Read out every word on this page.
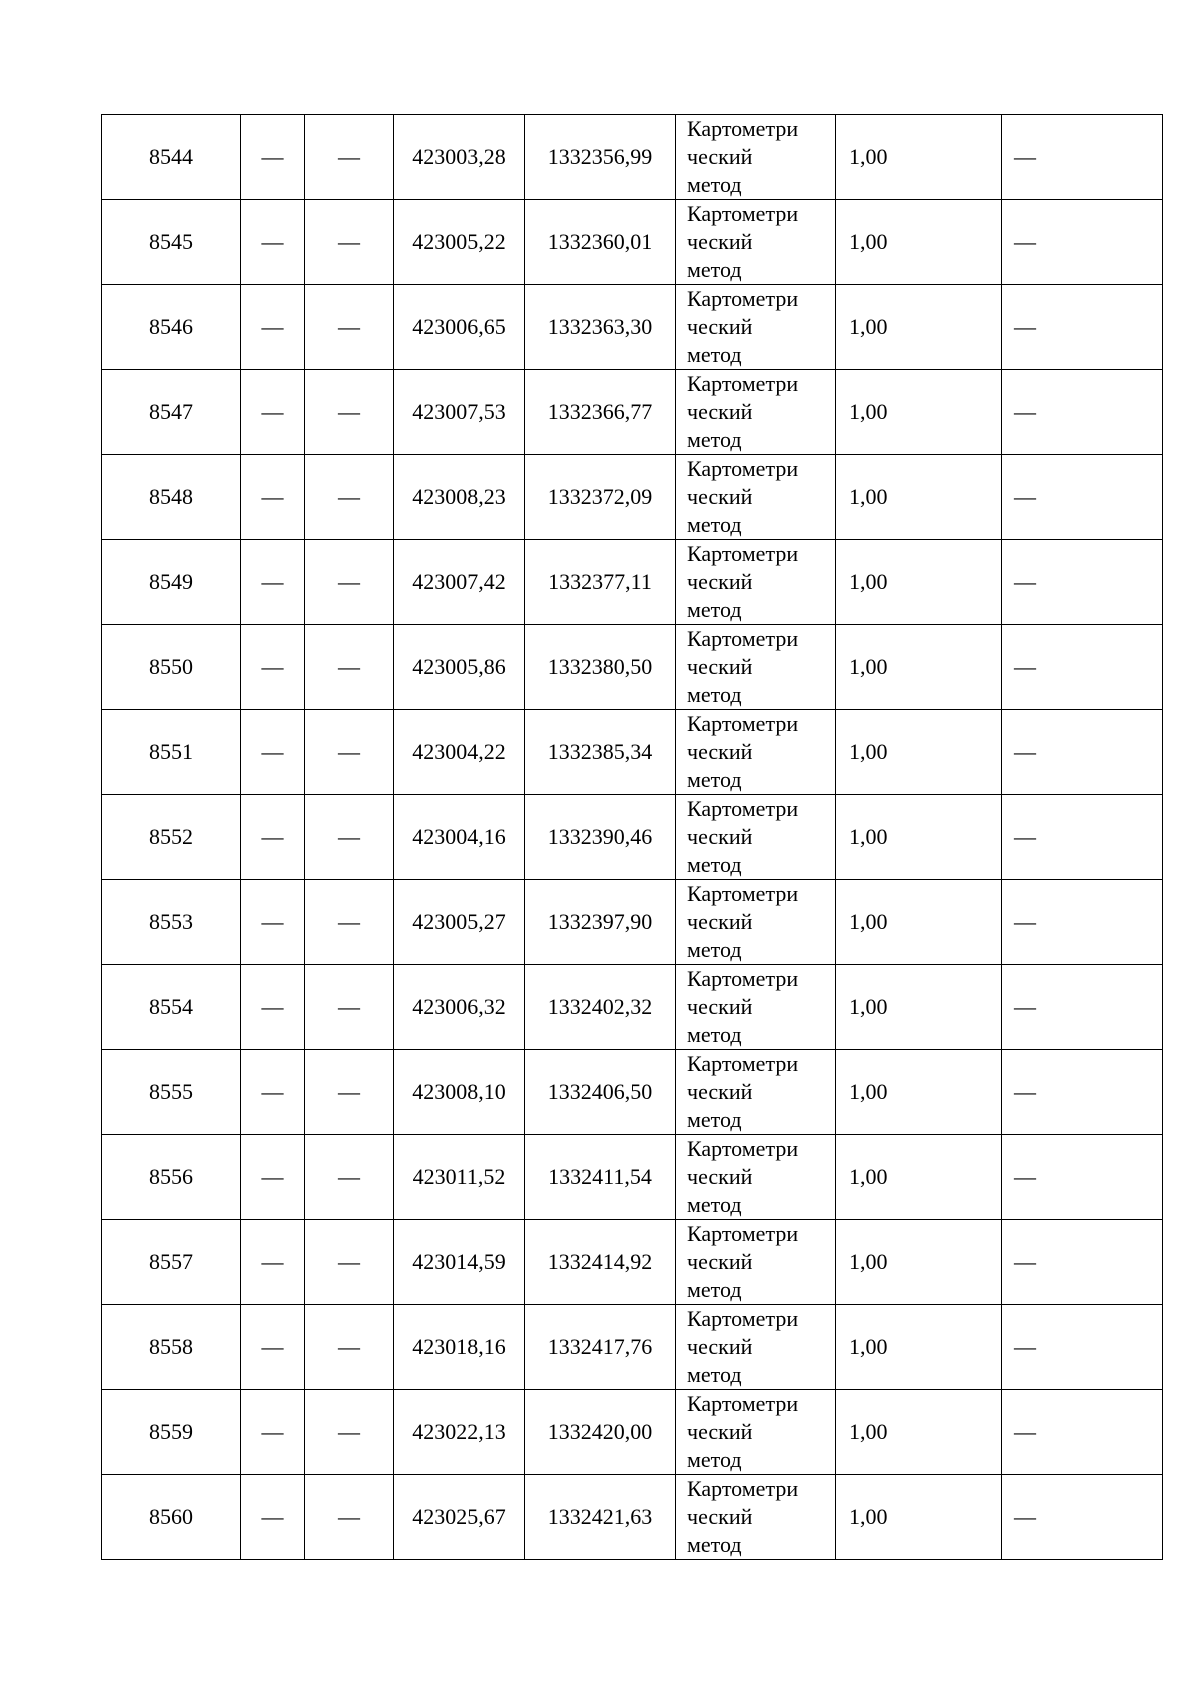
8544	—	—	423003,28	1332356,99	Картометри
ческий
метод	1,00	—
8545	—	—	423005,22	1332360,01	Картометри
ческий
метод	1,00	—
8546	—	—	423006,65	1332363,30	Картометри
ческий
метод	1,00	—
8547	—	—	423007,53	1332366,77	Картометри
ческий
метод	1,00	—
8548	—	—	423008,23	1332372,09	Картометри
ческий
метод	1,00	—
8549	—	—	423007,42	1332377,11	Картометри
ческий
метод	1,00	—
8550	—	—	423005,86	1332380,50	Картометри
ческий
метод	1,00	—
8551	—	—	423004,22	1332385,34	Картометри
ческий
метод	1,00	—
8552	—	—	423004,16	1332390,46	Картометри
ческий
метод	1,00	—
8553	—	—	423005,27	1332397,90	Картометри
ческий
метод	1,00	—
8554	—	—	423006,32	1332402,32	Картометри
ческий
метод	1,00	—
8555	—	—	423008,10	1332406,50	Картометри
ческий
метод	1,00	—
8556	—	—	423011,52	1332411,54	Картометри
ческий
метод	1,00	—
8557	—	—	423014,59	1332414,92	Картометри
ческий
метод	1,00	—
8558	—	—	423018,16	1332417,76	Картометри
ческий
метод	1,00	—
8559	—	—	423022,13	1332420,00	Картометри
ческий
метод	1,00	—
8560	—	—	423025,67	1332421,63	Картометри
ческий
метод	1,00	—
